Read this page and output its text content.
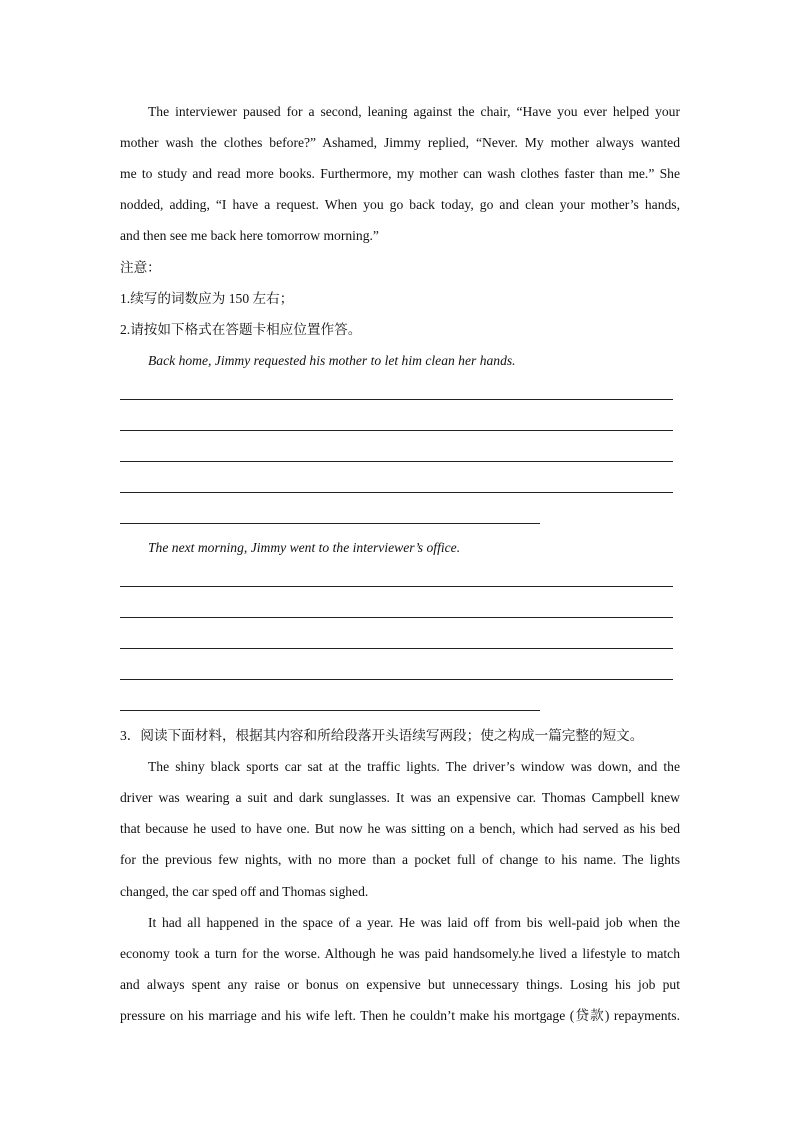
The interviewer paused for a second, leaning against the chair, “Have you ever helped your
mother wash the clothes before?” Ashamed, Jimmy replied, “Never. My mother always wanted
me to study and read more books. Furthermore, my mother can wash clothes faster than me.” She
nodded, adding, “I have a request. When you go back today, go and clean your mother’s hands,
and then see me back here tomorrow morning.”
注意：
1.续写的词数应为 150 左右；
2.请按如下格式在答题卡相应位置作答。
Back home, Jimmy requested his mother to let him clean her hands.
The next morning, Jimmy went to the interviewer’s office.
3．阅读下面材料，根据其内容和所给段落开头语续写两段；使之构成一篇完整的短文。
The shiny black sports car sat at the traffic lights. The driver’s window was down, and the
driver was wearing a suit and dark sunglasses. It was an expensive car. Thomas Campbell knew
that because he used to have one. But now he was sitting on a bench, which had served as his bed
for the previous few nights, with no more than a pocket full of change to his name. The lights
changed, the car sped off and Thomas sighed.
It had all happened in the space of a year. He was laid off from bis well-paid job when the
economy took a turn for the worse. Although he was paid handsomely.he lived a lifestyle to match
and always spent any raise or bonus on expensive but unnecessary things. Losing his job put
pressure on his marriage and his wife left. Then he couldn’t make his mortgage (贷款) repayments.
